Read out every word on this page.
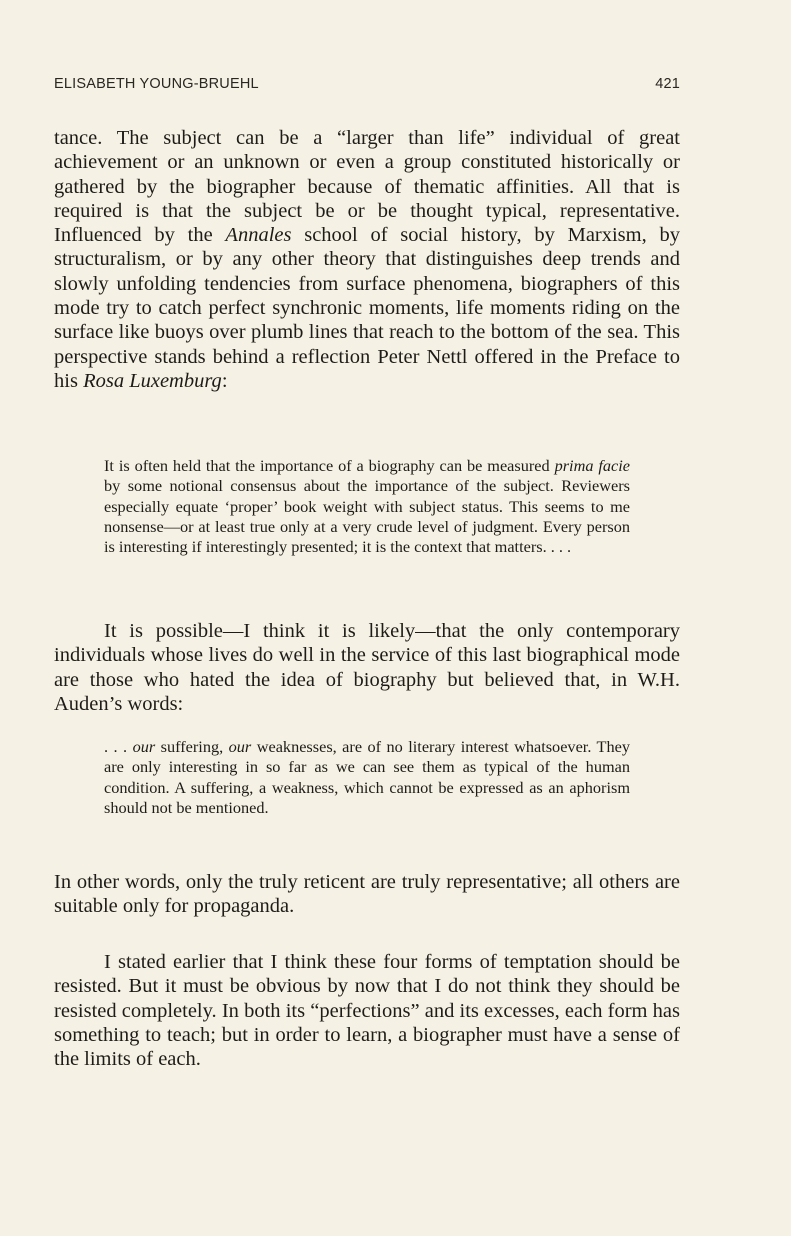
ELISABETH YOUNG-BRUEHL	421

tance. The subject can be a “larger than life” individual of great achievement or an unknown or even a group constituted historically or gathered by the biographer because of thematic affinities. All that is required is that the subject be or be thought typical, representative. Influenced by the Annales school of social history, by Marxism, by structuralism, or by any other theory that distinguishes deep trends and slowly unfolding tendencies from surface phenomena, biographers of this mode try to catch perfect synchronic moments, life moments riding on the surface like buoys over plumb lines that reach to the bottom of the sea. This perspective stands behind a reflection Peter Nettl offered in the Preface to his Rosa Luxemburg:

It is often held that the importance of a biography can be measured prima facie by some notional consensus about the importance of the subject. Reviewers especially equate ‘proper’ book weight with subject status. This seems to me nonsense—or at least true only at a very crude level of judgment. Every person is interesting if interestingly presented; it is the context that matters. . . .

It is possible—I think it is likely—that the only contemporary individuals whose lives do well in the service of this last biographical mode are those who hated the idea of biography but believed that, in W.H. Auden’s words:

. . . our suffering, our weaknesses, are of no literary interest whatsoever. They are only interesting in so far as we can see them as typical of the human condition. A suffering, a weakness, which cannot be expressed as an aphorism should not be mentioned.

In other words, only the truly reticent are truly representative; all others are suitable only for propaganda.

I stated earlier that I think these four forms of temptation should be resisted. But it must be obvious by now that I do not think they should be resisted completely. In both its “perfections” and its excesses, each form has something to teach; but in order to learn, a biographer must have a sense of the limits of each.
